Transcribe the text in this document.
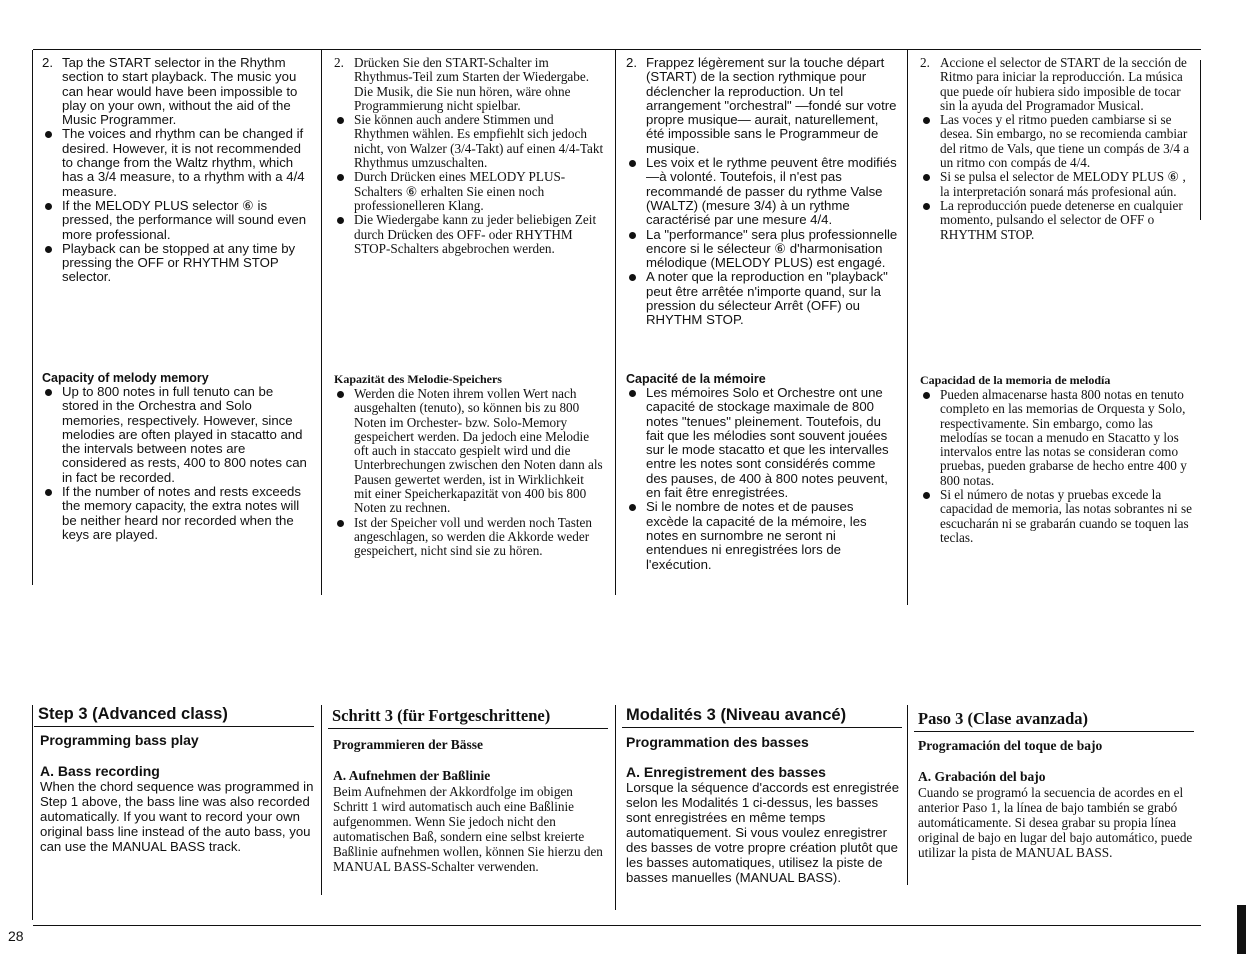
2. Tap the START selector in the Rhythm section to start playback. The music you can hear would have been impossible to play on your own, without the aid of the Music Programmer.
The voices and rhythm can be changed if desired. However, it is not recommended to change from the Waltz rhythm, which has a 3/4 measure, to a rhythm with a 4/4 measure.
If the MELODY PLUS selector ⑥ is pressed, the performance will sound even more professional.
Playback can be stopped at any time by pressing the OFF or RHYTHM STOP selector.

Capacity of melody memory

Up to 800 notes in full tenuto can be stored in the Orchestra and Solo memories, respectively. However, since melodies are often played in stacatto and the intervals between notes are considered as rests, 400 to 800 notes can in fact be recorded.
If the number of notes and rests exceeds the memory capacity, the extra notes will be neither heard nor recorded when the keys are played.
2. Drücken Sie den START-Schalter im Rhythmus-Teil zum Starten der Wiedergabe. Die Musik, die Sie nun hören, wäre ohne Programmierung nicht spielbar.
Sie können auch andere Stimmen und Rhythmen wählen. Es empfiehlt sich jedoch nicht, von Walzer (3/4-Takt) auf einen 4/4-Takt Rhythmus umzuschalten.
Durch Drücken eines MELODY PLUS-Schalters ⑥ erhalten Sie einen noch professionelleren Klang.
Die Wiedergabe kann zu jeder beliebigen Zeit durch Drücken des OFF- oder RHYTHM STOP-Schalters abgebrochen werden.

Kapazität des Melodie-Speichers

Werden die Noten ihrem vollen Wert nach ausgehalten (tenuto), so können bis zu 800 Noten im Orchester- bzw. Solo-Memory gespeichert werden. Da jedoch eine Melodie oft auch in staccato gespielt wird und die Unterbrechungen zwischen den Noten dann als Pausen gewertet werden, ist in Wirklichkeit mit einer Speicherkapazität von 400 bis 800 Noten zu rechnen.
Ist der Speicher voll und werden noch Tasten angeschlagen, so werden die Akkorde weder gespeichert, nicht sind sie zu hören.
2. Frappez légèrement sur la touche départ (START) de la section rythmique pour déclencher la reproduction. Un tel arrangement "orchestral" —fondé sur votre propre musique— aurait, naturellement, été impossible sans le Programmeur de musique.
Les voix et le rythme peuvent être modifiés—à volonté. Toutefois, il n'est pas recommandé de passer du rythme Valse (WALTZ) (mesure 3/4) à un rythme caractérisé par une mesure 4/4.
La "performance" sera plus professionnelle encore si le sélecteur ⑥ d'harmonisation mélodique (MELODY PLUS) est engagé.
A noter que la reproduction en "playback" peut être arrêtée n'importe quand, sur la pression du sélecteur Arrêt (OFF) ou RHYTHM STOP.

Capacité de la mémoire

Les mémoires Solo et Orchestre ont une capacité de stockage maximale de 800 notes "tenues" pleinement. Toutefois, du fait que les mélodies sont souvent jouées sur le mode stacatto et que les intervalles entre les notes sont considérés comme des pauses, de 400 à 800 notes peuvent, en fait être enregistrées.
Si le nombre de notes et de pauses excède la capacité de la mémoire, les notes en surnombre ne seront ni entendues ni enregistrées lors de l'exécution.
2. Accione el selector de START de la sección de Ritmo para iniciar la reproducción. La música que puede oír hubiera sido imposible de tocar sin la ayuda del Programador Musical.
Las voces y el ritmo pueden cambiarse si se desea. Sin embargo, no se recomienda cambiar del ritmo de Vals, que tiene un compás de 3/4 a un ritmo con compás de 4/4.
Si se pulsa el selector de MELODY PLUS ⑥ , la interpretación sonará más profesional aún.
La reproducción puede detenerse en cualquier momento, pulsando el selector de OFF o RHYTHM STOP.

Capacidad de la memoria de melodía

Pueden almacenarse hasta 800 notas en tenuto completo en las memorias de Orquesta y Solo, respectivamente. Sin embargo, como las melodías se tocan a menudo en Stacatto y los intervalos entre las notas se consideran como pruebas, pueden grabarse de hecho entre 400 y 800 notas.
Si el número de notas y pruebas excede la capacidad de memoria, las notas sobrantes ni se escucharán ni se grabarán cuando se toquen las teclas.

Step 3 (Advanced class)

Programming bass play

A. Bass recording

When the chord sequence was programmed in Step 1 above, the bass line was also recorded automatically. If you want to record your own original bass line instead of the auto bass, you can use the MANUAL BASS track.

Schritt 3 (für Fortgeschrittene)

Programmieren der Bässe

A. Aufnehmen der Baßlinie

Beim Aufnehmen der Akkordfolge im obigen Schritt 1 wird automatisch auch eine Baßlinie aufgenommen. Wenn Sie jedoch nicht den automatischen Baß, sondern eine selbst kreierte Baßlinie aufnehmen wollen, können Sie hierzu den MANUAL BASS-Schalter verwenden.

Modalités 3 (Niveau avancé)

Programmation des basses

A. Enregistrement des basses

Lorsque la séquence d'accords est enregistrée selon les Modalités 1 ci-dessus, les basses sont enregistrées en même temps automatiquement. Si vous voulez enregistrer des basses de votre propre création plutôt que les basses automatiques, utilisez la piste de basses manuelles (MANUAL BASS).

Paso 3 (Clase avanzada)

Programación del toque de bajo

A. Grabación del bajo

Cuando se programó la secuencia de acordes en el anterior Paso 1, la línea de bajo también se grabó automáticamente. Si desea grabar su propia línea original de bajo en lugar del bajo automático, puede utilizar la pista de MANUAL BASS.

28
